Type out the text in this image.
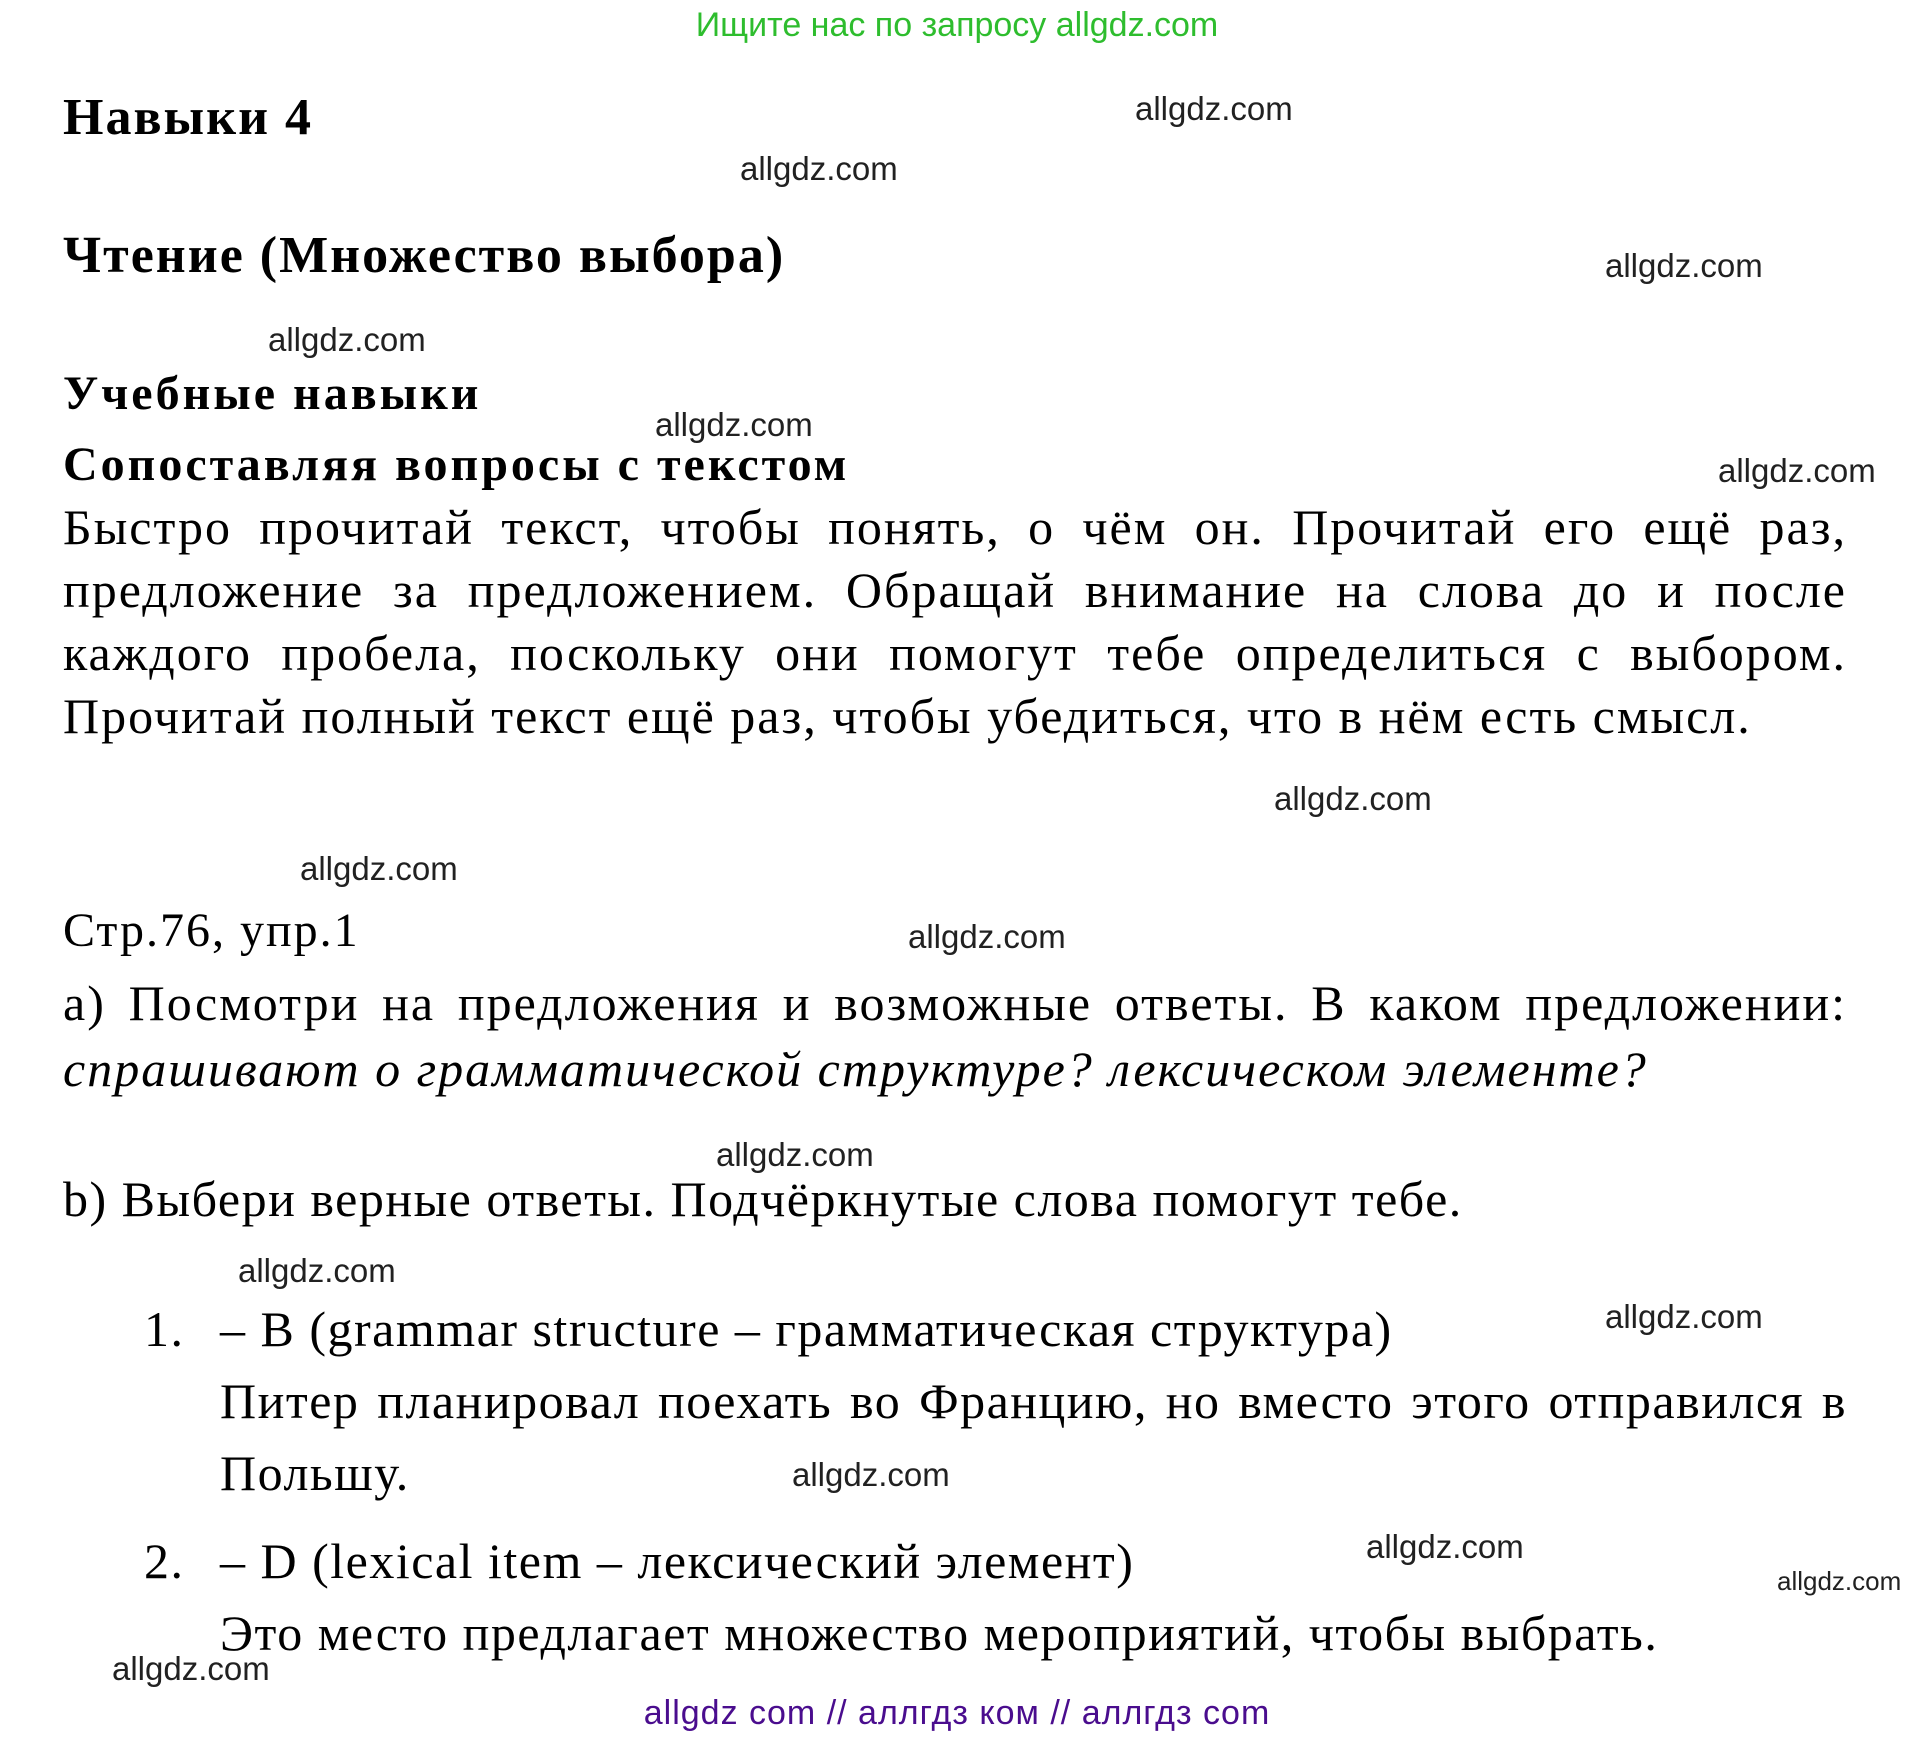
Ищите нас по запросу allgdz.com
Навыки 4
Чтение (Множество выбора)
Учебные навыки
Сопоставляя вопросы с текстом
Быстро прочитай текст, чтобы понять, о чём он. Прочитай его ещё раз, предложение за предложением. Обращай внимание на слова до и после каждого пробела, поскольку они помогут тебе определиться с выбором. Прочитай полный текст ещё раз, чтобы убедиться, что в нём есть смысл.
Стр.76, упр.1
a) Посмотри на предложения и возможные ответы. В каком предложении: спрашивают о грамматической структуре? лексическом элементе?
b) Выбери верные ответы. Подчёркнутые слова помогут тебе.
1. – B (grammar structure – грамматическая структура)
Питер планировал поехать во Францию, но вместо этого отправился в Польшу.
2. – D (lexical item – лексический элемент)
Это место предлагает множество мероприятий, чтобы выбрать.
allgdz.com
allgdz.com
allgdz.com
allgdz.com
allgdz.com
allgdz.com
allgdz.com
allgdz.com
allgdz.com
allgdz.com
allgdz.com
allgdz.com
allgdz.com
allgdz.com
allgdz.com
allgdz.com
allgdz com // аллгдз ком // аллгдз com
